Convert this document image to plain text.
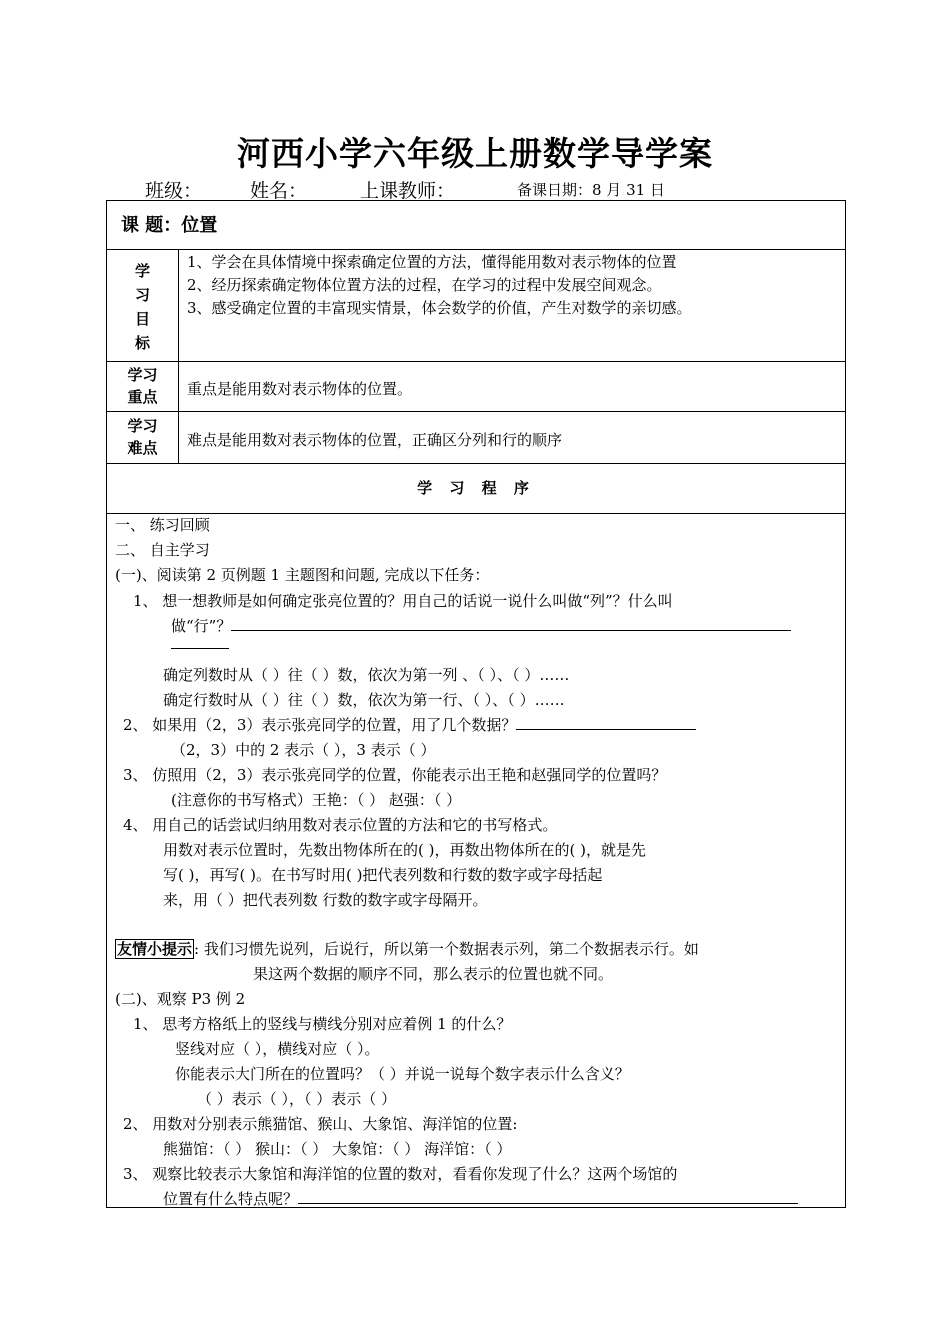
河西小学六年级上册数学导学案
班级：	姓名：	上课教师：	备课日期：8 月 31 日
课 题：位置
学
习
目
标
1、学会在具体情境中探索确定位置的方法，懂得能用数对表示物体的位置
2、经历探索确定物体位置方法的过程，在学习的过程中发展空间观念。
3、感受确定位置的丰富现实情景，体会数学的价值，产生对数学的亲切感。
学习
重点	重点是能用数对表示物体的位置。
学习
难点	难点是能用数对表示物体的位置，正确区分列和行的顺序
学 习 程 序
一、 练习回顾
二、 自主学习
(一)、阅读第 2 页例题 1 主题图和问题, 完成以下任务：
1、 想一想教师是如何确定张亮位置的？用自己的话说一说什么叫做“列”？什么叫
做“行”？
确定列数时从（ ）往（ ）数，依次为第一列 、（ ）、（ ）……
确定行数时从（ ）往（ ）数，依次为第一行、（ ）、（ ）……
2、 如果用（2，3）表示张亮同学的位置，用了几个数据？
（2，3）中的 2 表示（ ），3 表示（ ）
3、 仿照用（2，3）表示张亮同学的位置，你能表示出王艳和赵强同学的位置吗？
(注意你的书写格式）王艳：（ ） 赵强：（ ）
4、 用自己的话尝试归纳用数对表示位置的方法和它的书写格式。
用数对表示位置时，先数出物体所在的( )，再数出物体所在的( )，就是先
写( )，再写( )。在书写时用( )把代表列数和行数的数字或字母括起
来，用（ ）把代表列数 行数的数字或字母隔开。
友情小提示 : 我们习惯先说列，后说行，所以第一个数据表示列，第二个数据表示行。如
果这两个数据的顺序不同，那么表示的位置也就不同。
(二)、观察 P3 例 2
1、 思考方格纸上的竖线与横线分别对应着例 1 的什么？
竖线对应（ ），横线对应（ ）。
你能表示大门所在的位置吗？（ ）并说一说每个数字表示什么含义？
（ ）表示（ ），（ ）表示（ ）
2、 用数对分别表示熊猫馆、猴山、大象馆、海洋馆的位置:
熊猫馆：（ ） 猴山：（ ） 大象馆：（ ） 海洋馆：（ ）
3、 观察比较表示大象馆和海洋馆的位置的数对，看看你发现了什么？这两个场馆的
位置有什么特点呢？
